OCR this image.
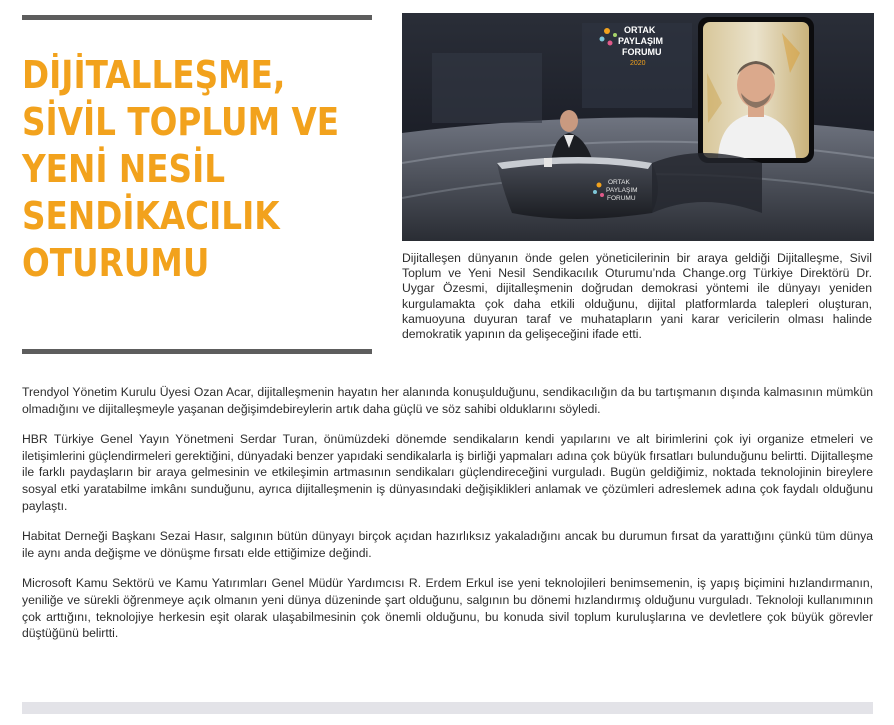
DİJİTALLEŞME,
SİVİL TOPLUM VE
YENİ NESİL
SENDİKACILIK
OTURUMU
ORTAK
PAYLAŞIM
FORUMU
2020
ORTAK
PAYLAŞIM
FORUMU

Dijitalleşen dünyanın önde gelen yöneticilerinin bir araya geldiği Dijitalleşme, Sivil Toplum ve Yeni Nesil Sendikacılık Oturumu’nda Change.org Türkiye Direktörü Dr. Uygar Özesmi, dijitalleşmenin doğrudan demokrasi yöntemi ile dünyayı yeniden kurgulamakta çok daha etkili olduğunu, dijital platformlarda talepleri oluşturan, kamuoyuna duyuran taraf ve muhatapların yani karar vericilerin olması halinde demokratik yapının da gelişeceğini ifade etti.

Trendyol Yönetim Kurulu Üyesi Ozan Acar, dijitalleşmenin hayatın her alanında konuşulduğunu, sendikacılığın da bu tartışmanın dışında kalmasının mümkün olmadığını ve dijitalleşmeyle yaşanan değişimdebireylerin artık daha güçlü ve söz sahibi olduklarını söyledi.

HBR Türkiye Genel Yayın Yönetmeni Serdar Turan, önümüzdeki dönemde sendikaların kendi yapılarını ve alt birimlerini çok iyi organize etmeleri ve iletişimlerini güçlendirmeleri gerektiğini, dünyadaki benzer yapıdaki sendikalarla iş birliği yapmaları adına çok büyük fırsatları bulunduğunu belirtti. Dijitalleşme ile farklı paydaşların bir araya gelmesinin ve etkileşimin artmasının sendikaları güçlendireceğini vurguladı. Bugün geldiğimiz, noktada teknolojinin bireylere sosyal etki yaratabilme imkânı sunduğunu, ayrıca dijitalleşmenin iş dünyasındaki değişiklikleri anlamak ve çözümleri adreslemek adına çok faydalı olduğunu paylaştı.

Habitat Derneği Başkanı Sezai Hasır, salgının bütün dünyayı birçok açıdan hazırlıksız yakaladığını ancak bu durumun fırsat da yarattığını çünkü tüm dünya ile aynı anda değişme ve dönüşme fırsatı elde ettiğimize değindi.

Microsoft Kamu Sektörü ve Kamu Yatırımları Genel Müdür Yardımcısı R. Erdem Erkul ise yeni teknolojileri benimsemenin, iş yapış biçimini hızlandırmanın, yeniliğe ve sürekli öğrenmeye açık olmanın yeni dünya düzeninde şart olduğunu, salgının bu dönemi hızlandırmış olduğunu vurguladı. Teknoloji kullanımının çok arttığını, teknolojiye herkesin eşit olarak ulaşabilmesinin çok önemli olduğunu, bu konuda sivil toplum kuruluşlarına ve devletlere çok büyük görevler düştüğünü belirtti.
